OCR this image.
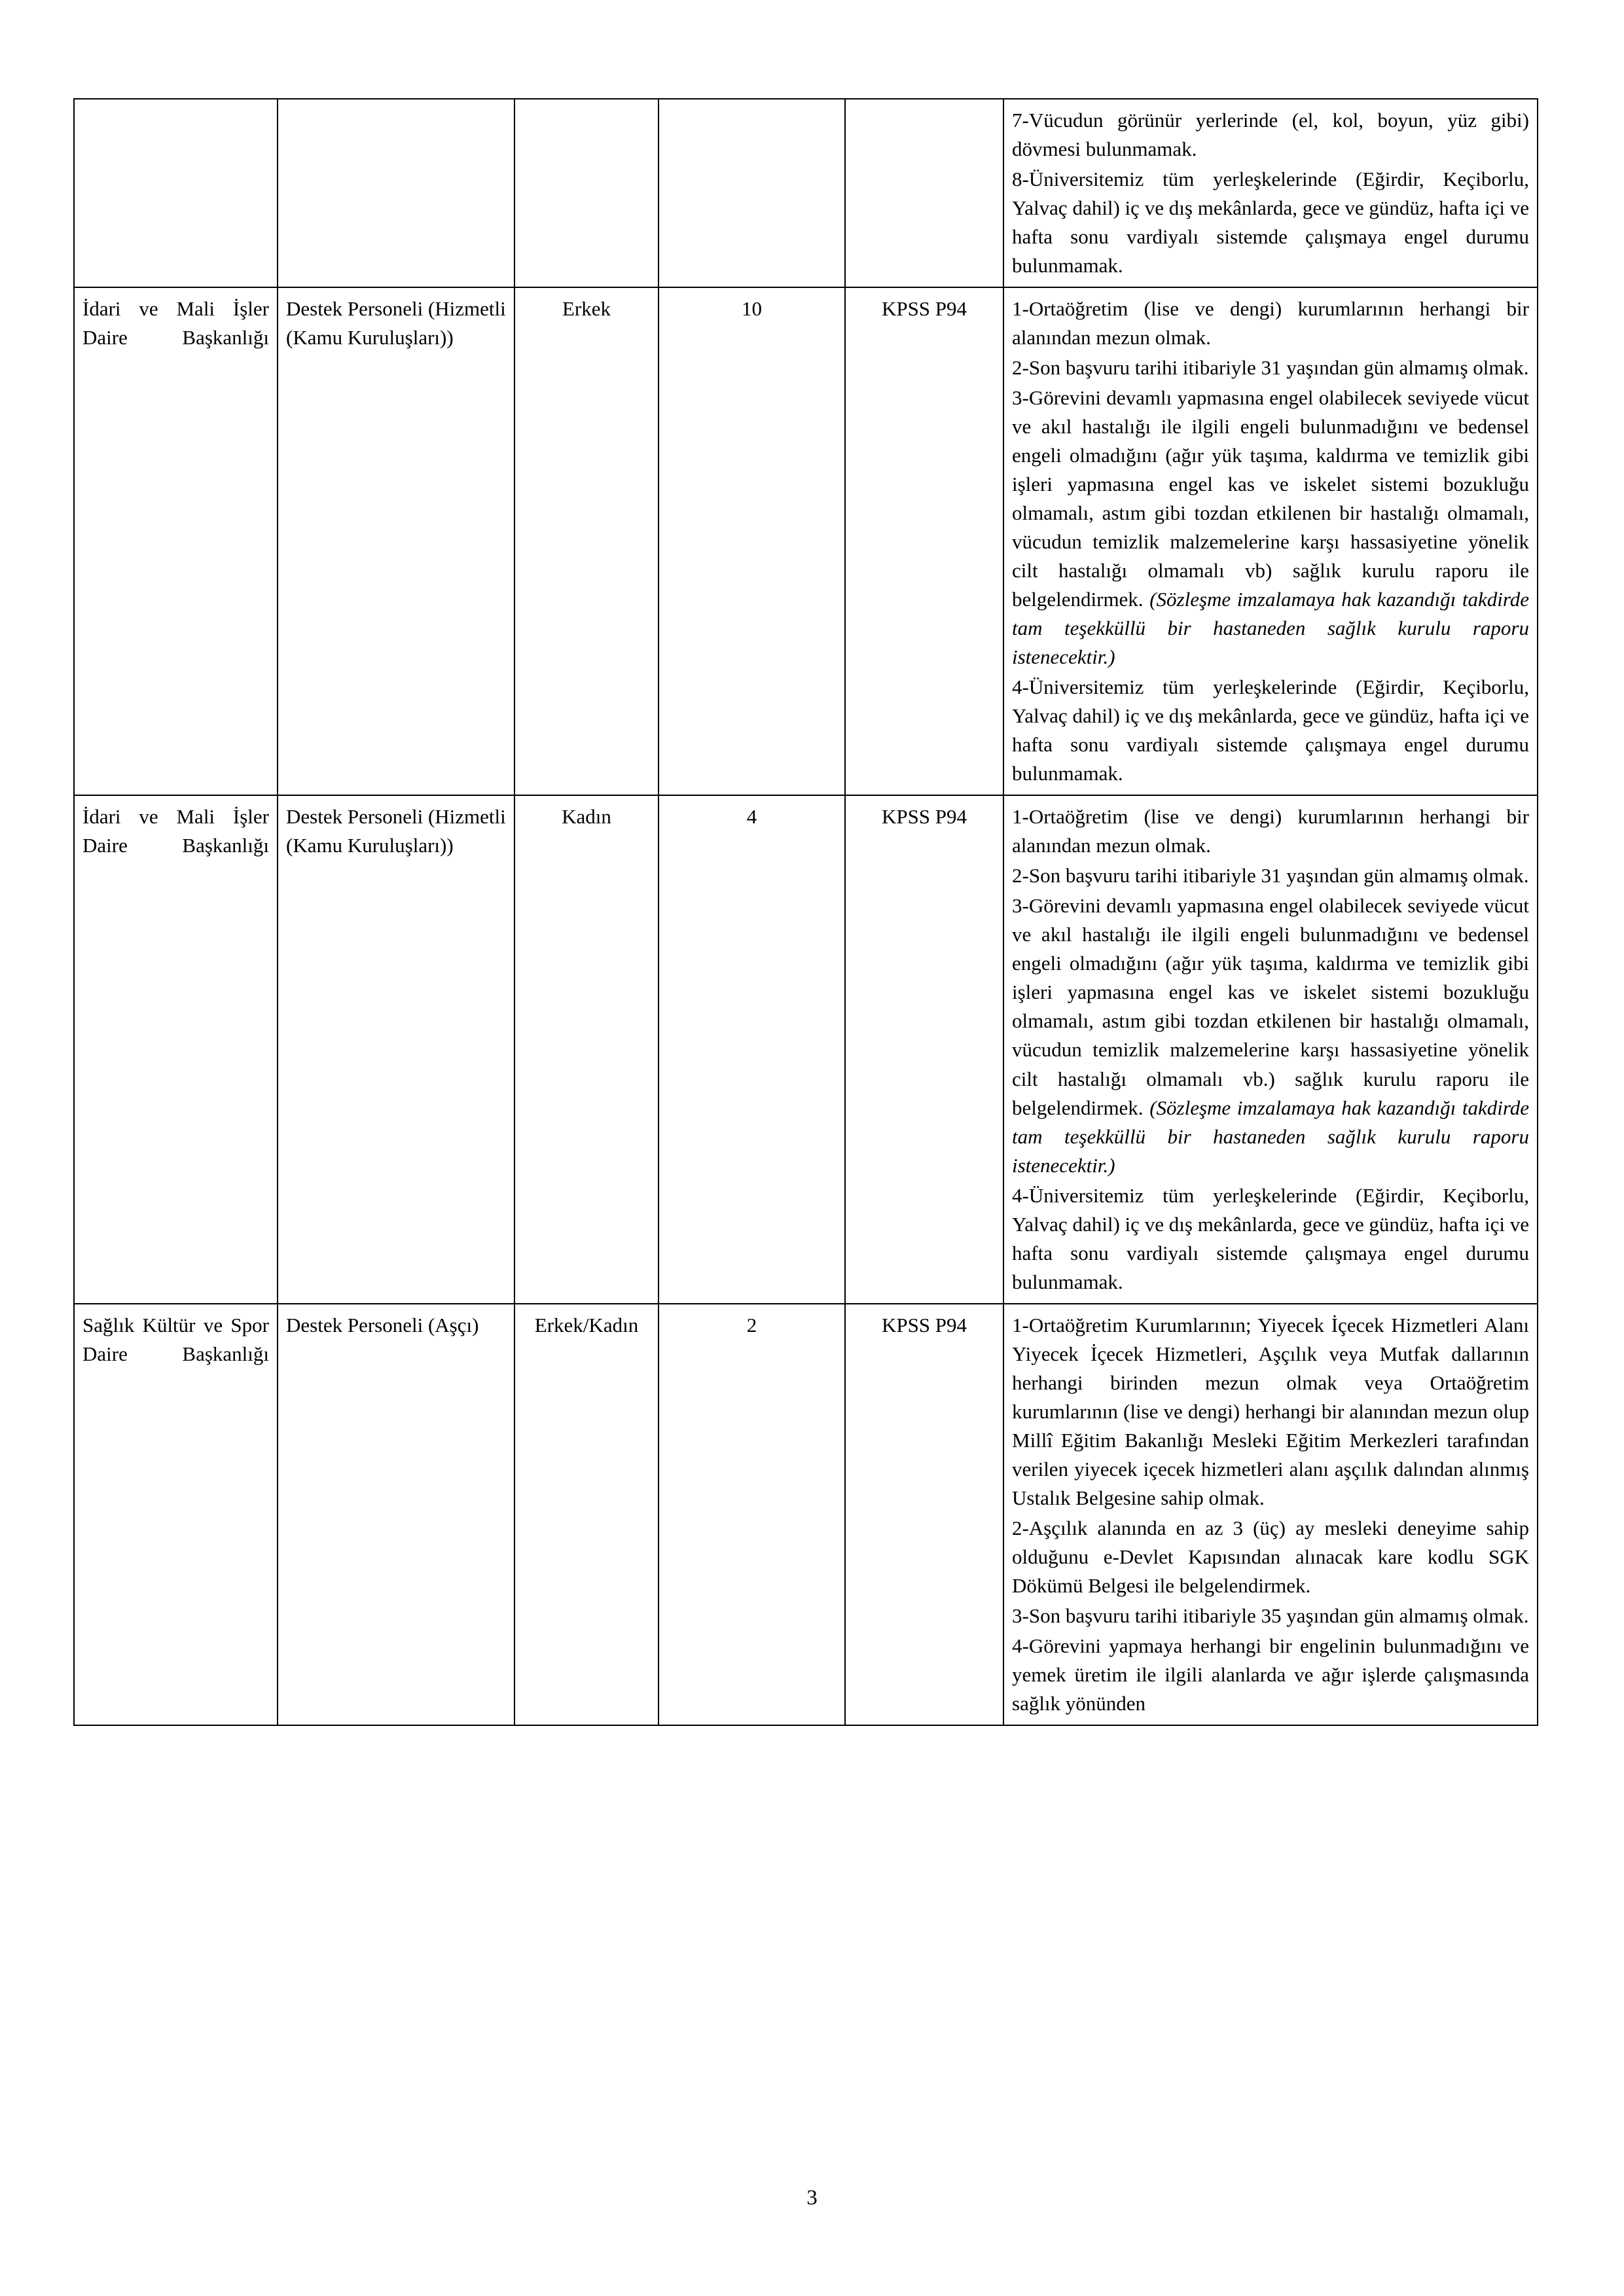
					7-Vücudun görünür yerlerinde (el, kol, boyun, yüz gibi) dövmesi bulunmamak.

8-Üniversitemiz tüm yerleşkelerinde (Eğirdir, Keçiborlu, Yalvaç dahil) iç ve dış mekânlarda, gece ve gündüz, hafta içi ve hafta sonu vardiyalı sistemde çalışmaya engel durumu bulunmamak.

İdari ve Mali İşler Daire Başkanlığı	Destek Personeli (Hizmetli (Kamu Kuruluşları))	Erkek	10	KPSS P94	1-Ortaöğretim (lise ve dengi) kurumlarının herhangi bir alanından mezun olmak.

2-Son başvuru tarihi itibariyle 31 yaşından gün almamış olmak.

3-Görevini devamlı yapmasına engel olabilecek seviyede vücut ve akıl hastalığı ile ilgili engeli bulunmadığını ve bedensel engeli olmadığını (ağır yük taşıma, kaldırma ve temizlik gibi işleri yapmasına engel kas ve iskelet sistemi bozukluğu olmamalı, astım gibi tozdan etkilenen bir hastalığı olmamalı, vücudun temizlik malzemelerine karşı hassasiyetine yönelik cilt hastalığı olmamalı vb) sağlık kurulu raporu ile belgelendirmek. (Sözleşme imzalamaya hak kazandığı takdirde tam teşekküllü bir hastaneden sağlık kurulu raporu istenecektir.)

4-Üniversitemiz tüm yerleşkelerinde (Eğirdir, Keçiborlu, Yalvaç dahil) iç ve dış mekânlarda, gece ve gündüz, hafta içi ve hafta sonu vardiyalı sistemde çalışmaya engel durumu bulunmamak.

İdari ve Mali İşler Daire Başkanlığı	Destek Personeli (Hizmetli (Kamu Kuruluşları))	Kadın	4	KPSS P94	1-Ortaöğretim (lise ve dengi) kurumlarının herhangi bir alanından mezun olmak.

2-Son başvuru tarihi itibariyle 31 yaşından gün almamış olmak.

3-Görevini devamlı yapmasına engel olabilecek seviyede vücut ve akıl hastalığı ile ilgili engeli bulunmadığını ve bedensel engeli olmadığını (ağır yük taşıma, kaldırma ve temizlik gibi işleri yapmasına engel kas ve iskelet sistemi bozukluğu olmamalı, astım gibi tozdan etkilenen bir hastalığı olmamalı, vücudun temizlik malzemelerine karşı hassasiyetine yönelik cilt hastalığı olmamalı vb.) sağlık kurulu raporu ile belgelendirmek. (Sözleşme imzalamaya hak kazandığı takdirde tam teşekküllü bir hastaneden sağlık kurulu raporu istenecektir.)

4-Üniversitemiz tüm yerleşkelerinde (Eğirdir, Keçiborlu, Yalvaç dahil) iç ve dış mekânlarda, gece ve gündüz, hafta içi ve hafta sonu vardiyalı sistemde çalışmaya engel durumu bulunmamak.

Sağlık Kültür ve Spor Daire Başkanlığı	Destek Personeli (Aşçı)	Erkek/Kadın	2	KPSS P94	1-Ortaöğretim Kurumlarının; Yiyecek İçecek Hizmetleri Alanı Yiyecek İçecek Hizmetleri, Aşçılık veya Mutfak dallarının herhangi birinden mezun olmak veya Ortaöğretim kurumlarının (lise ve dengi) herhangi bir alanından mezun olup Millî Eğitim Bakanlığı Mesleki Eğitim Merkezleri tarafından verilen yiyecek içecek hizmetleri alanı aşçılık dalından alınmış Ustalık Belgesine sahip olmak.

2-Aşçılık alanında en az 3 (üç) ay mesleki deneyime sahip olduğunu e-Devlet Kapısından alınacak kare kodlu SGK Dökümü Belgesi ile belgelendirmek.

3-Son başvuru tarihi itibariyle 35 yaşından gün almamış olmak.

4-Görevini yapmaya herhangi bir engelinin bulunmadığını ve yemek üretim ile ilgili alanlarda ve ağır işlerde çalışmasında sağlık yönünden

3
